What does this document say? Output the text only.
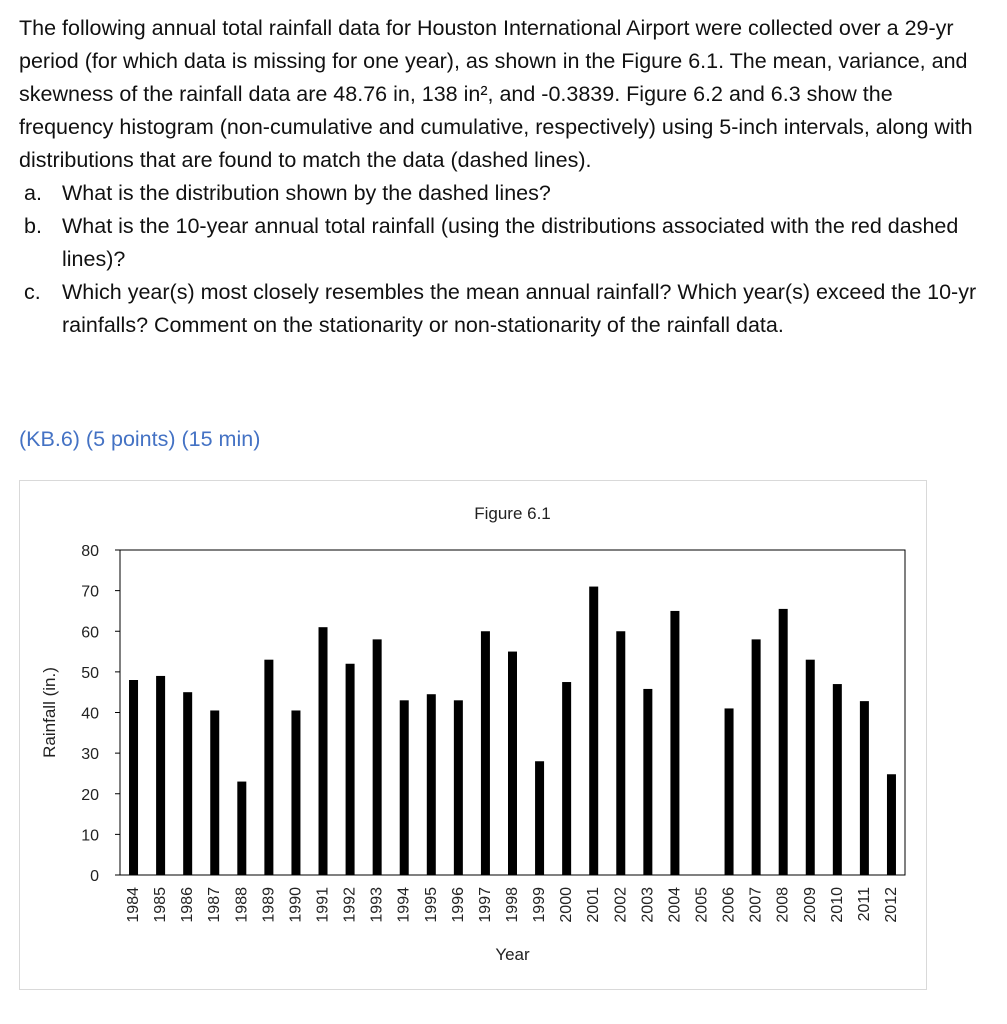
The following annual total rainfall data for Houston International Airport were collected over a 29-yr period (for which data is missing for one year), as shown in the Figure 6.1. The mean, variance, and skewness of the rainfall data are 48.76 in, 138 in², and -0.3839. Figure 6.2 and 6.3 show the frequency histogram (non-cumulative and cumulative, respectively) using 5-inch intervals, along with distributions that are found to match the data (dashed lines).

a. What is the distribution shown by the dashed lines?
b. What is the 10-year annual total rainfall (using the distributions associated with the red dashed lines)?
c. Which year(s) most closely resembles the mean annual rainfall? Which year(s) exceed the 10-yr rainfalls? Comment on the stationarity or non-stationarity of the rainfall data.
(KB.6) (5 points) (15 min)
Figure 6.1
0
10
20
30
40
50
60
70
80
Rainfall (in.)
1984 1985 1986 1987 1988 1989 1990 1991 1992 1993 1994 1995 1996 1997 1998 1999 2000 2001 2002 2003 2004 2005 2006 2007 2008 2009 2010 2011 2012
Year
